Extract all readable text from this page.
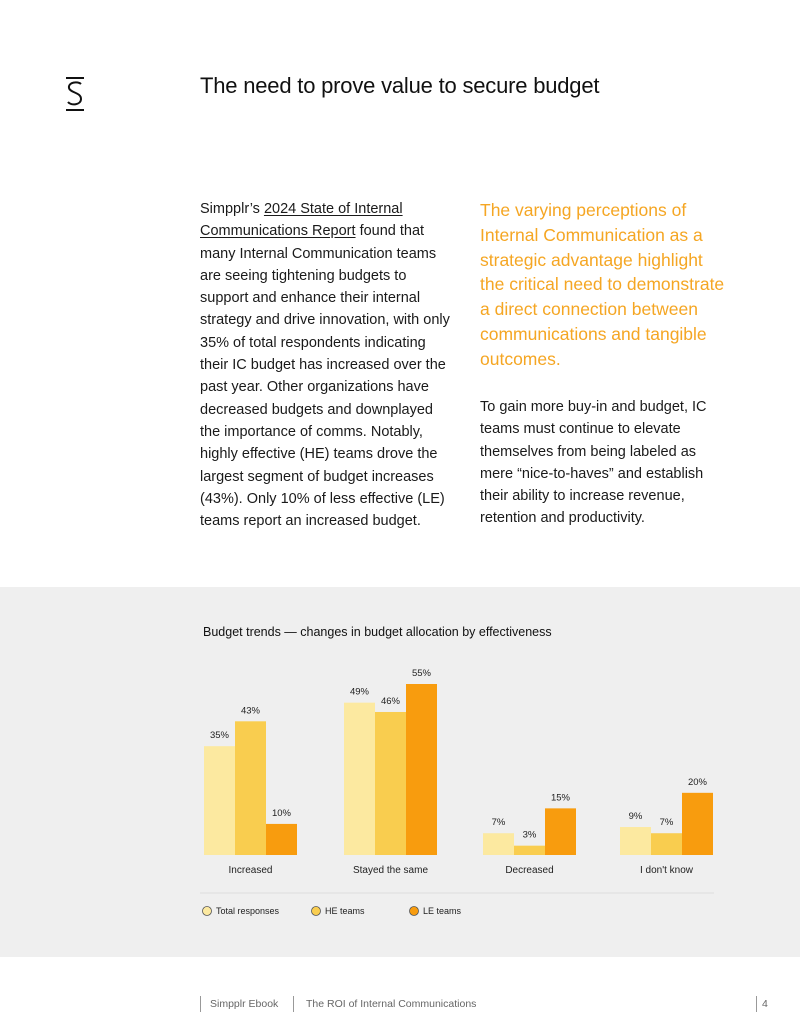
The need to prove value to secure budget
Simpplr’s 2024 State of Internal Communications Report found that many Internal Communication teams are seeing tightening budgets to support and enhance their internal strategy and drive innovation, with only 35% of total respondents indicating their IC budget has increased over the past year. Other organizations have decreased budgets and downplayed the importance of comms. Notably, highly effective (HE) teams drove the largest segment of budget increases (43%). Only 10% of less effective (LE) teams report an increased budget.
The varying perceptions of Internal Communication as a strategic advantage highlight the critical need to demonstrate a direct connection between communications and tangible outcomes.
To gain more buy-in and budget, IC teams must continue to elevate themselves from being labeled as mere “nice-to-haves” and establish their ability to increase revenue, retention and productivity.
Budget trends — changes in budget allocation by effectiveness
35%
43%
10%
Increased
49%
46%
55%
Stayed the same
7%
3%
15%
Decreased
9%
7%
20%
I don't know
Total responses	HE teams	LE teams
Simpplr Ebook	The ROI of Internal Communications	4
